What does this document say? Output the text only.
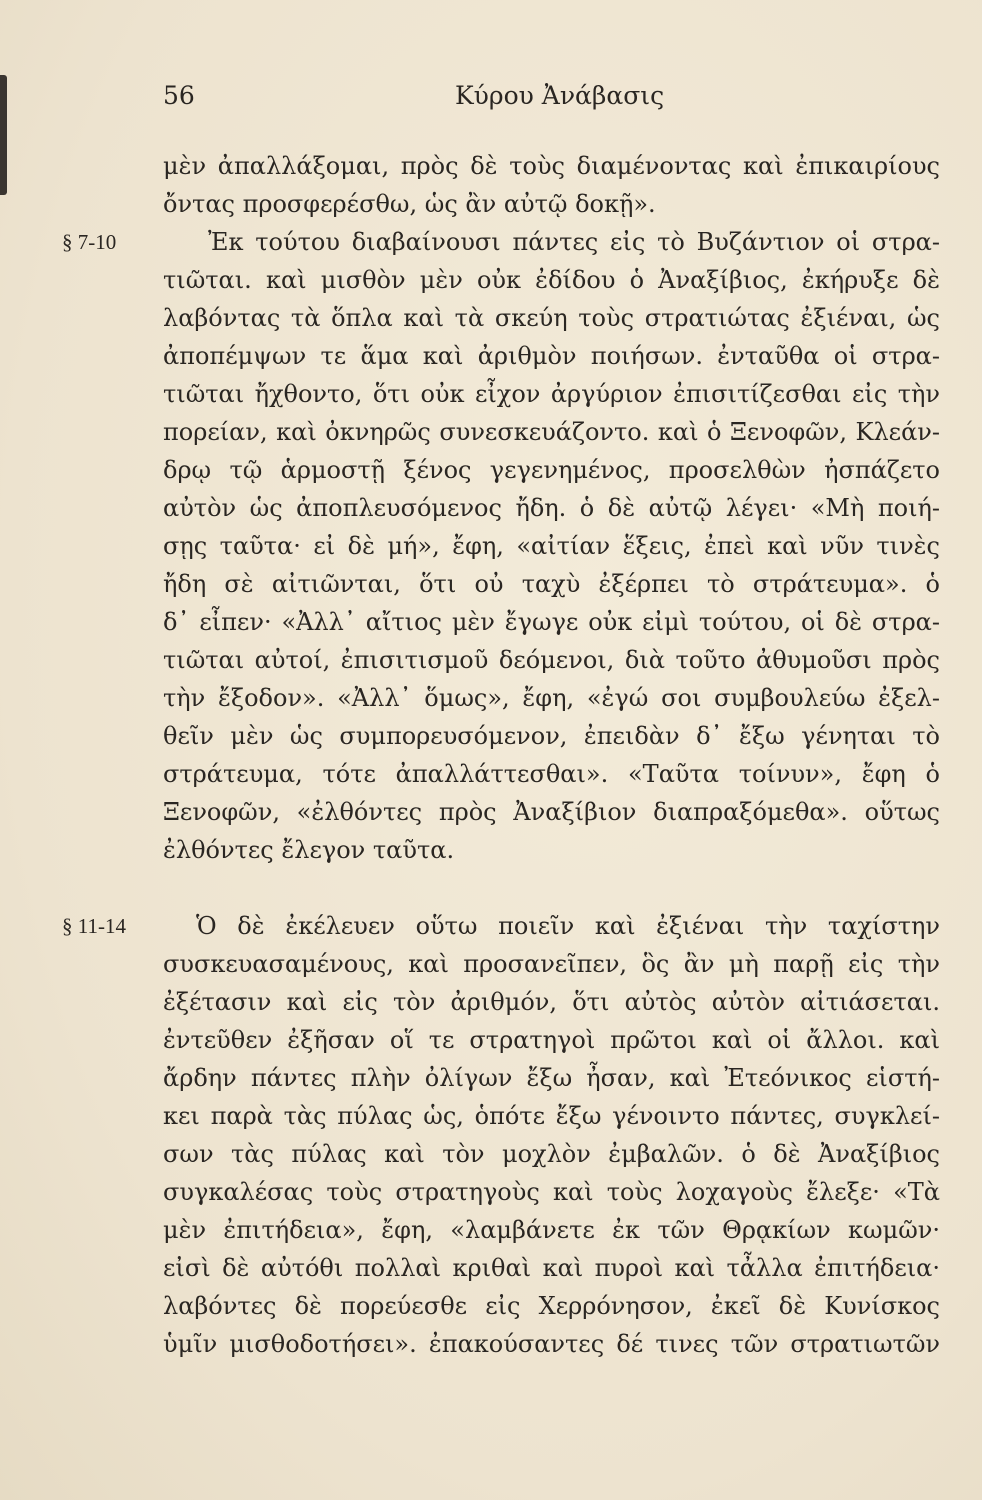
56	Κύρου Ἀνάβασις
§ 7-10
§ 11-14
μὲν ἀπαλλάξομαι, πρὸς δὲ τοὺς διαμένοντας καὶ ἐπικαιρίους
ὄντας προσφερέσθω, ὡς ἂν αὐτῷ δοκῇ».
Ἐκ τούτου διαβαίνουσι πάντες εἰς τὸ Βυζάντιον οἱ στρα-
τιῶται. καὶ μισθὸν μὲν οὐκ ἐδίδου ὁ Ἀναξίβιος, ἐκήρυξε δὲ
λαβόντας τὰ ὅπλα καὶ τὰ σκεύη τοὺς στρατιώτας ἐξιέναι, ὡς
ἀποπέμψων τε ἅμα καὶ ἀριθμὸν ποιήσων. ἐνταῦθα οἱ στρα-
τιῶται ἤχθοντο, ὅτι οὐκ εἶχον ἀργύριον ἐπισιτίζεσθαι εἰς τὴν
πορείαν, καὶ ὀκνηρῶς συνεσκευάζοντο. καὶ ὁ Ξενοφῶν, Κλεάν-
δρῳ τῷ ἁρμοστῇ ξένος γεγενημένος, προσελθὼν ἠσπάζετο
αὐτὸν ὡς ἀποπλευσόμενος ἤδη. ὁ δὲ αὐτῷ λέγει· «Μὴ ποιή-
σῃς ταῦτα· εἰ δὲ μή», ἔφη, «αἰτίαν ἕξεις, ἐπεὶ καὶ νῦν τινὲς
ἤδη σὲ αἰτιῶνται, ὅτι οὐ ταχὺ ἐξέρπει τὸ στράτευμα». ὁ
δ᾽ εἶπεν· «Ἀλλ᾽ αἴτιος μὲν ἔγωγε οὐκ εἰμὶ τούτου, οἱ δὲ στρα-
τιῶται αὐτοί, ἐπισιτισμοῦ δεόμενοι, διὰ τοῦτο ἀθυμοῦσι πρὸς
τὴν ἔξοδον». «Ἀλλ᾽ ὅμως», ἔφη, «ἐγώ σοι συμβουλεύω ἐξελ-
θεῖν μὲν ὡς συμπορευσόμενον, ἐπειδὰν δ᾽ ἔξω γένηται τὸ
στράτευμα, τότε ἀπαλλάττεσθαι». «Ταῦτα τοίνυν», ἔφη ὁ
Ξενοφῶν, «ἐλθόντες πρὸς Ἀναξίβιον διαπραξόμεθα». οὕτως
ἐλθόντες ἔλεγον ταῦτα.
Ὁ δὲ ἐκέλευεν οὕτω ποιεῖν καὶ ἐξιέναι τὴν ταχίστην
συσκευασαμένους, καὶ προσανεῖπεν, ὃς ἂν μὴ παρῇ εἰς τὴν
ἐξέτασιν καὶ εἰς τὸν ἀριθμόν, ὅτι αὐτὸς αὐτὸν αἰτιάσεται.
ἐντεῦθεν ἐξῆσαν οἵ τε στρατηγοὶ πρῶτοι καὶ οἱ ἄλλοι. καὶ
ἄρδην πάντες πλὴν ὀλίγων ἔξω ἦσαν, καὶ Ἐτεόνικος εἱστή-
κει παρὰ τὰς πύλας ὡς, ὁπότε ἔξω γένοιντο πάντες, συγκλεί-
σων τὰς πύλας καὶ τὸν μοχλὸν ἐμβαλῶν. ὁ δὲ Ἀναξίβιος
συγκαλέσας τοὺς στρατηγοὺς καὶ τοὺς λοχαγοὺς ἔλεξε· «Τὰ
μὲν ἐπιτήδεια», ἔφη, «λαμβάνετε ἐκ τῶν Θρᾳκίων κωμῶν·
εἰσὶ δὲ αὐτόθι πολλαὶ κριθαὶ καὶ πυροὶ καὶ τἆλλα ἐπιτήδεια·
λαβόντες δὲ πορεύεσθε εἰς Χερρόνησον, ἐκεῖ δὲ Κυνίσκος
ὑμῖν μισθοδοτήσει». ἐπακούσαντες δέ τινες τῶν στρατιωτῶν
